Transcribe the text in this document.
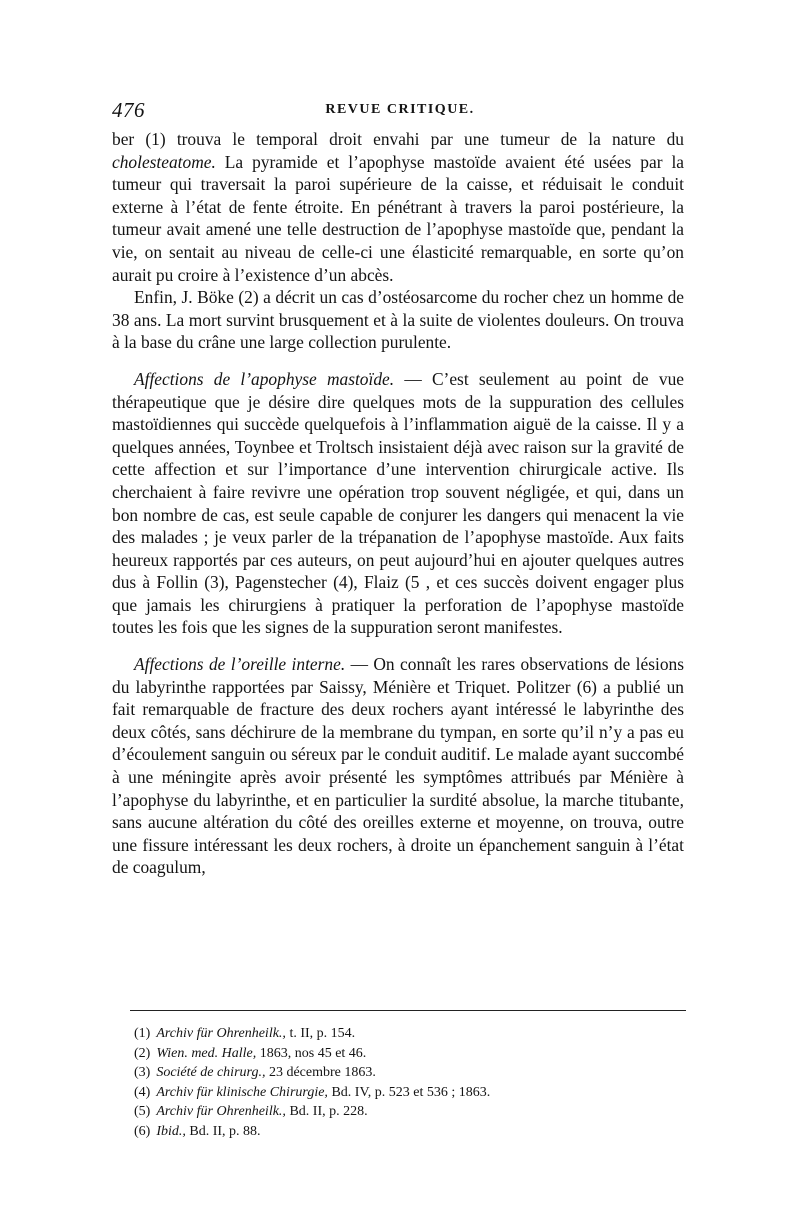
476	REVUE CRITIQUE.

ber (1) trouva le temporal droit envahi par une tumeur de la nature du cholesteatome. La pyramide et l’apophyse mastoïde avaient été usées par la tumeur qui traversait la paroi supérieure de la caisse, et réduisait le conduit externe à l’état de fente étroite. En pénétrant à travers la paroi postérieure, la tumeur avait amené une telle destruction de l’apophyse mastoïde que, pendant la vie, on sentait au niveau de celle-ci une élasticité remarquable, en sorte qu’on aurait pu croire à l’existence d’un abcès.

Enfin, J. Böke (2) a décrit un cas d’ostéosarcome du rocher chez un homme de 38 ans. La mort survint brusquement et à la suite de violentes douleurs. On trouva à la base du crâne une large collection purulente.

Affections de l’apophyse mastoïde. — C’est seulement au point de vue thérapeutique que je désire dire quelques mots de la suppuration des cellules mastoïdiennes qui succède quelquefois à l’inflammation aiguë de la caisse. Il y a quelques années, Toynbee et Troltsch insistaient déjà avec raison sur la gravité de cette affection et sur l’importance d’une intervention chirurgicale active. Ils cherchaient à faire revivre une opération trop souvent négligée, et qui, dans un bon nombre de cas, est seule capable de conjurer les dangers qui menacent la vie des malades ; je veux parler de la trépanation de l’apophyse mastoïde. Aux faits heureux rapportés par ces auteurs, on peut aujourd’hui en ajouter quelques autres dus à Follin (3), Pagenstecher (4), Flaiz (5 , et ces succès doivent engager plus que jamais les chirurgiens à pratiquer la perforation de l’apophyse mastoïde toutes les fois que les signes de la suppuration seront manifestes.

Affections de l’oreille interne. — On connaît les rares observations de lésions du labyrinthe rapportées par Saissy, Ménière et Triquet. Politzer (6) a publié un fait remarquable de fracture des deux rochers ayant intéressé le labyrinthe des deux côtés, sans déchirure de la membrane du tympan, en sorte qu’il n’y a pas eu d’écoulement sanguin ou séreux par le conduit auditif. Le malade ayant succombé à une méningite après avoir présenté les symptômes attribués par Ménière à l’apophyse du labyrinthe, et en particulier la surdité absolue, la marche titubante, sans aucune altération du côté des oreilles externe et moyenne, on trouva, outre une fissure intéressant les deux rochers, à droite un épanchement sanguin à l’état de coagulum,

(1) Archiv für Ohrenheilk., t. II, p. 154.
(2) Wien. med. Halle, 1863, nos 45 et 46.
(3) Société de chirurg., 23 décembre 1863.
(4) Archiv für klinische Chirurgie, Bd. IV, p. 523 et 536 ; 1863.
(5) Archiv für Ohrenheilk., Bd. II, p. 228.
(6) Ibid., Bd. II, p. 88.
